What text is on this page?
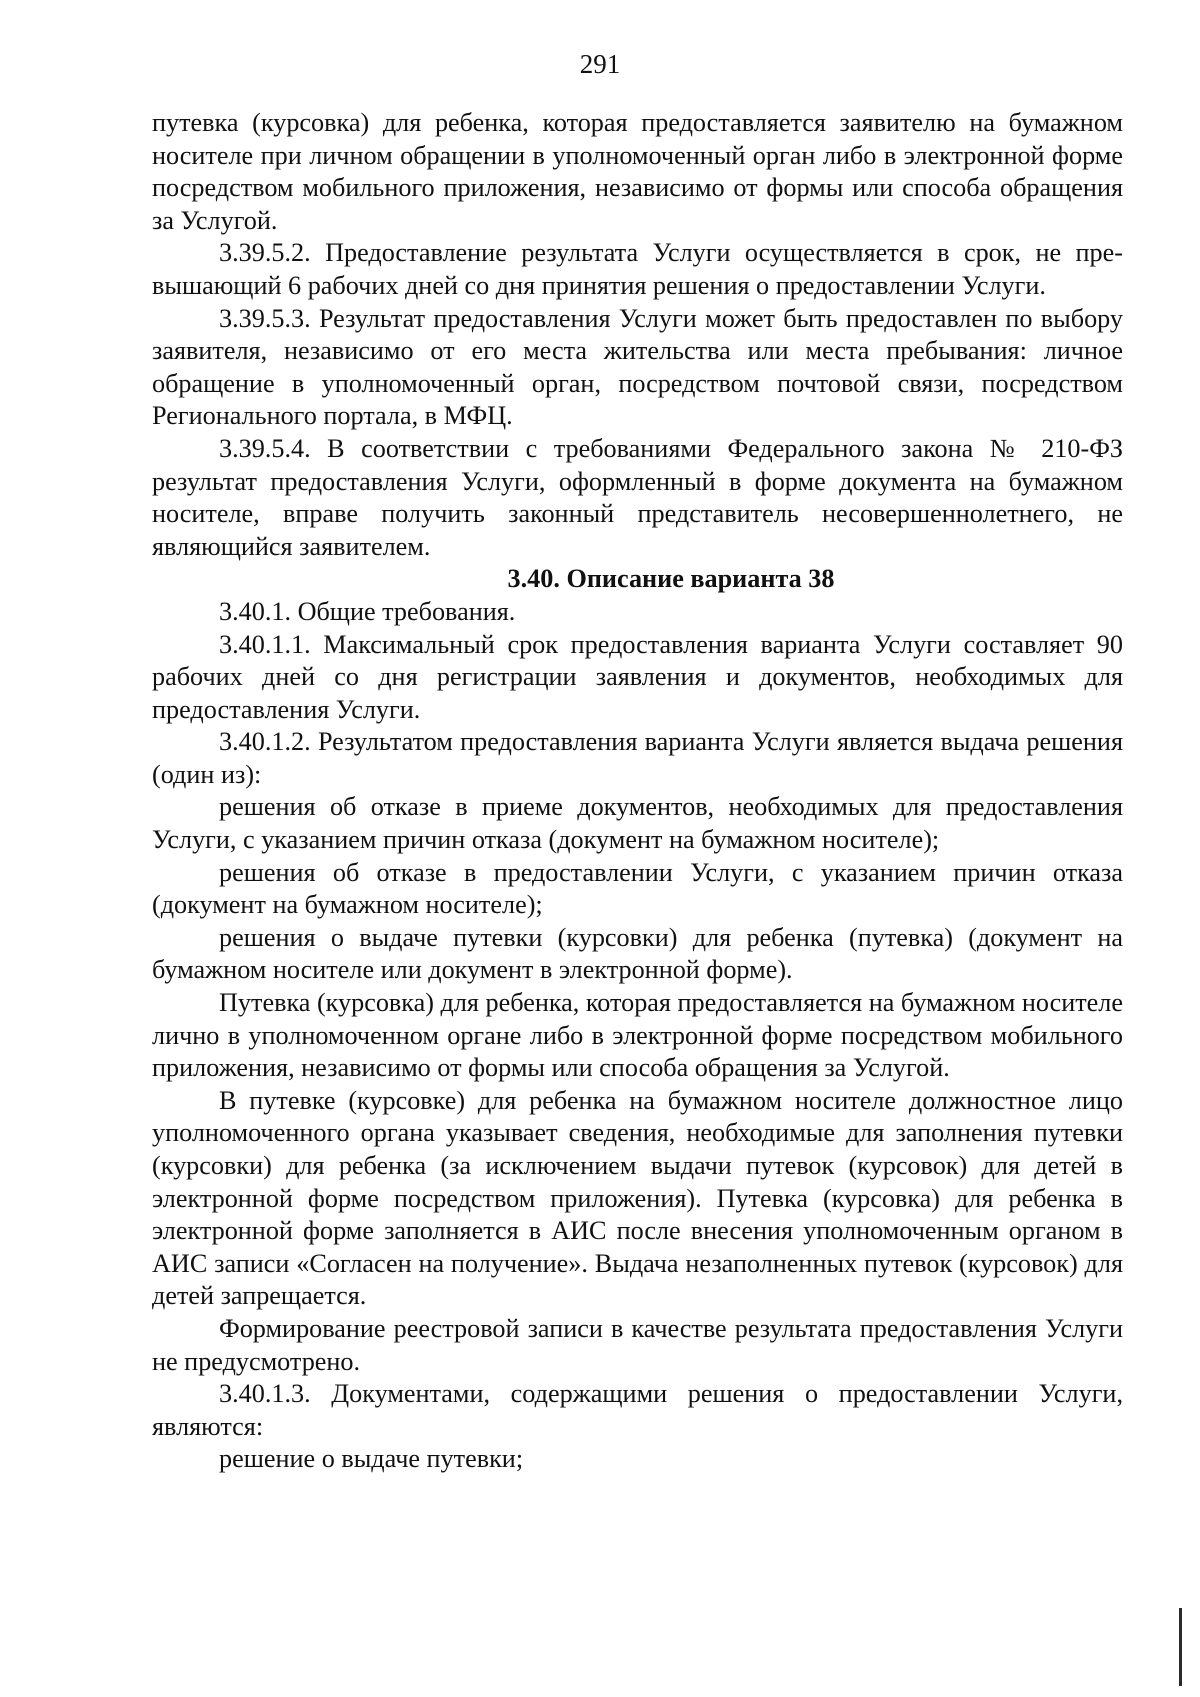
291

путевка (курсовка) для ребенка, которая предоставляется заявителю на бумажном носителе при личном обращении в уполномоченный орган либо в электронной форме посредством мобильного приложения, независимо от формы или способа обращения за Услугой.

3.39.5.2. Предоставление результата Услуги осуществляется в срок, не превышающий 6 рабочих дней со дня принятия решения о предоставлении Услуги.

3.39.5.3. Результат предоставления Услуги может быть предоставлен по выбору заявителя, независимо от его места жительства или места пребывания: личное обращение в уполномоченный орган, посредством почтовой связи, посредством Регионального портала, в МФЦ.

3.39.5.4. В соответствии с требованиями Федерального закона № 210-ФЗ результат предоставления Услуги, оформленный в форме документа на бумажном носителе, вправе получить законный представитель несовершеннолетнего, не являющийся заявителем.

3.40. Описание варианта 38

3.40.1. Общие требования.

3.40.1.1. Максимальный срок предоставления варианта Услуги составляет 90 рабочих дней со дня регистрации заявления и документов, необходимых для предоставления Услуги.

3.40.1.2. Результатом предоставления варианта Услуги является выдача решения (один из):

решения об отказе в приеме документов, необходимых для предоставления Услуги, с указанием причин отказа (документ на бумажном носителе);

решения об отказе в предоставлении Услуги, с указанием причин отказа (документ на бумажном носителе);

решения о выдаче путевки (курсовки) для ребенка (путевка) (документ на бумажном носителе или документ в электронной форме).

Путевка (курсовка) для ребенка, которая предоставляется на бумажном носителе лично в уполномоченном органе либо в электронной форме посредством мобильного приложения, независимо от формы или способа обращения за Услугой.

В путевке (курсовке) для ребенка на бумажном носителе должностное лицо уполномоченного органа указывает сведения, необходимые для заполнения путевки (курсовки) для ребенка (за исключением выдачи путевок (курсовок) для детей в электронной форме посредством приложения). Путевка (курсовка) для ребенка в электронной форме заполняется в АИС после внесения уполномоченным органом в АИС записи «Согласен на получение». Выдача незаполненных путевок (курсовок) для детей запрещается.

Формирование реестровой записи в качестве результата предоставления Услуги не предусмотрено.

3.40.1.3. Документами, содержащими решения о предоставлении Услуги, являются:

решение о выдаче путевки;
